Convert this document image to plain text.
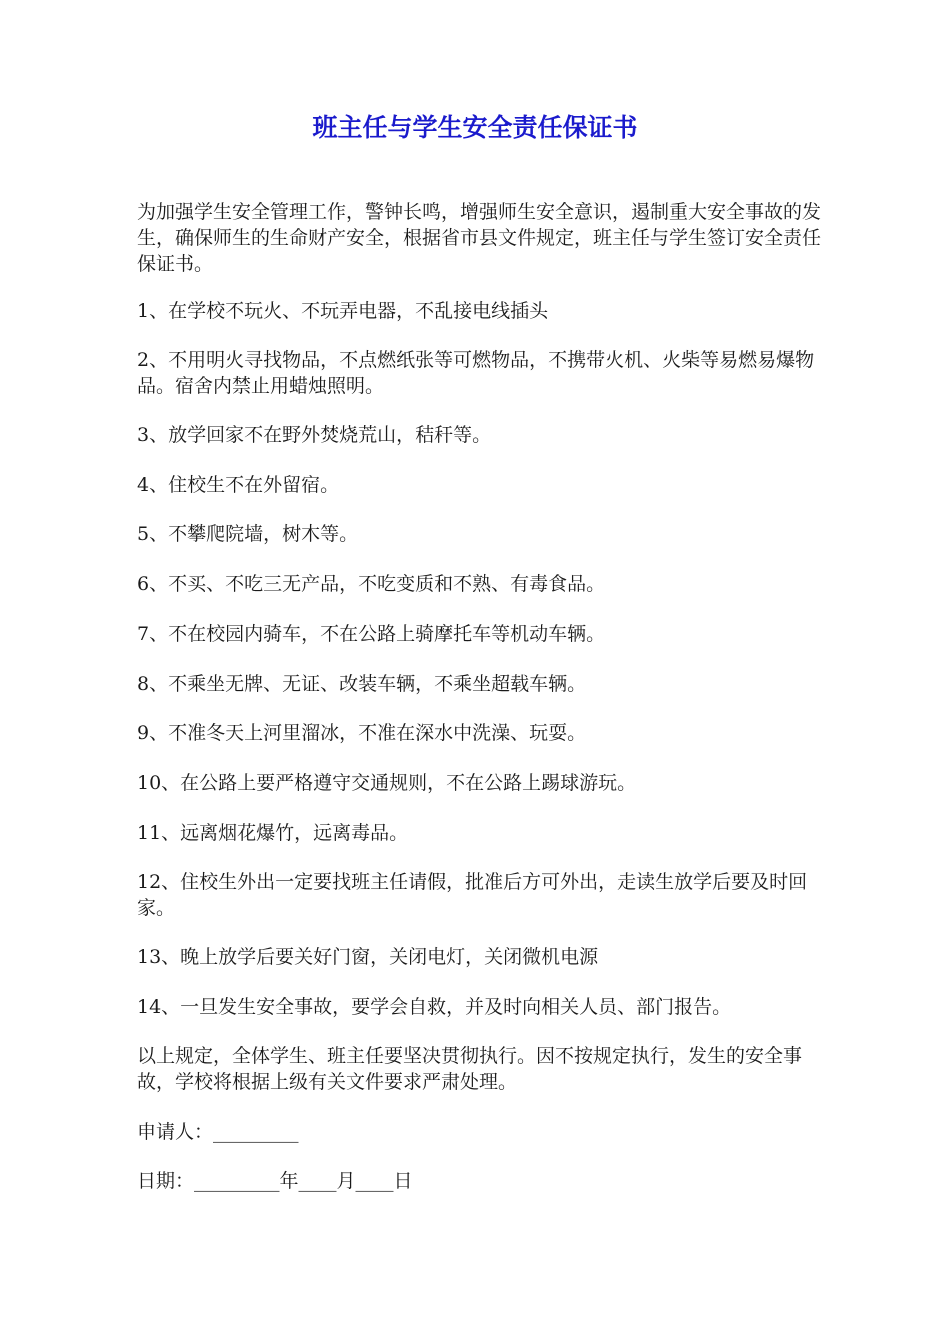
班主任与学生安全责任保证书

为加强学生安全管理工作，警钟长鸣，增强师生安全意识，遏制重大安全事故的发生，确保师生的生命财产安全，根据省市县文件规定，班主任与学生签订安全责任保证书。

1、在学校不玩火、不玩弄电器，不乱接电线插头

2、不用明火寻找物品，不点燃纸张等可燃物品，不携带火机、火柴等易燃易爆物品。宿舍内禁止用蜡烛照明。

3、放学回家不在野外焚烧荒山，秸秆等。

4、住校生不在外留宿。

5、不攀爬院墙，树木等。

6、不买、不吃三无产品，不吃变质和不熟、有毒食品。

7、不在校园内骑车，不在公路上骑摩托车等机动车辆。

8、不乘坐无牌、无证、改装车辆，不乘坐超载车辆。

9、不准冬天上河里溜冰，不准在深水中洗澡、玩耍。

10、在公路上要严格遵守交通规则，不在公路上踢球游玩。

11、远离烟花爆竹，远离毒品。

12、住校生外出一定要找班主任请假，批准后方可外出，走读生放学后要及时回家。

13、晚上放学后要关好门窗，关闭电灯，关闭微机电源

14、一旦发生安全事故，要学会自救，并及时向相关人员、部门报告。

以上规定，全体学生、班主任要坚决贯彻执行。因不按规定执行，发生的安全事故，学校将根据上级有关文件要求严肃处理。

申请人：_________

日期：_________年____月____日
